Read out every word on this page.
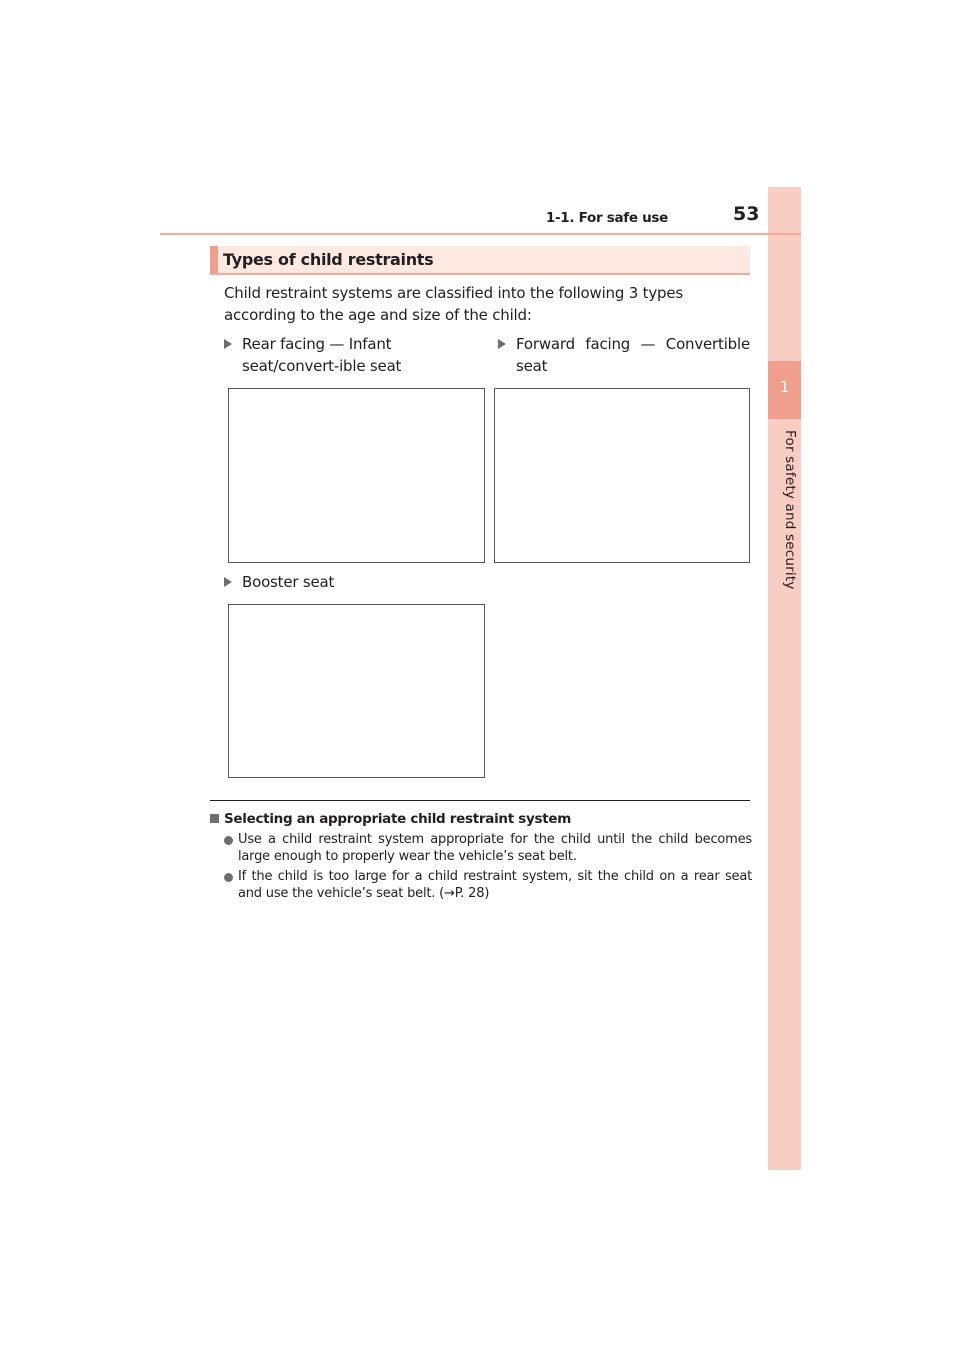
1
For safety and security
1-1. For safe use	53
Types of child restraints
Child restraint systems are classified into the following 3 types according to the age and size of the child:
Rear facing — Infant seat/convert-ible seat
Forward facing — Convertible seat
Booster seat
Selecting an appropriate child restraint system
Use a child restraint system appropriate for the child until the child becomes large enough to properly wear the vehicle’s seat belt.
If the child is too large for a child restraint system, sit the child on a rear seat and use the vehicle’s seat belt. (→P. 28)
